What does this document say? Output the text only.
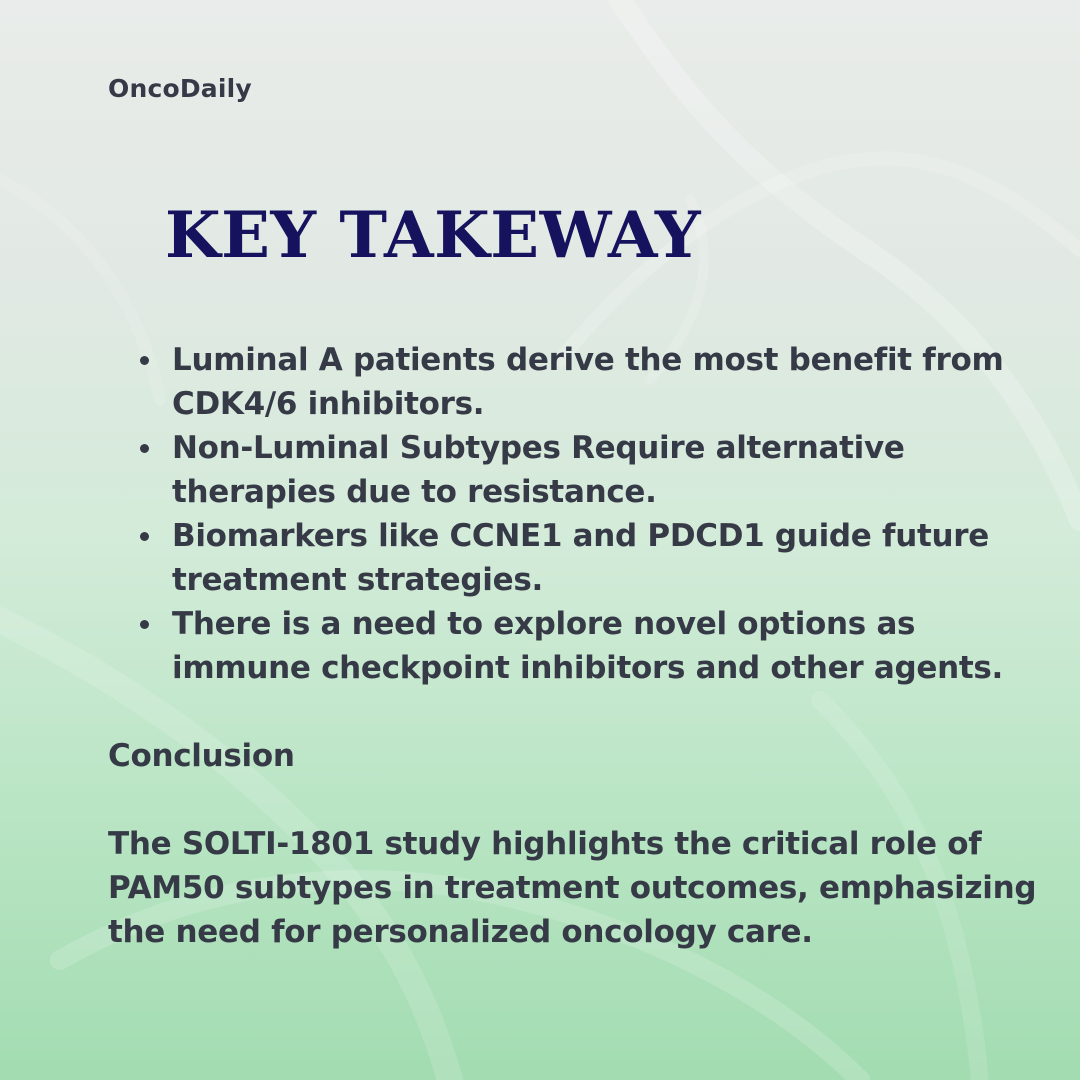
OncoDaily

KEY TAKEWAY
Luminal A patients derive the most benefit from CDK4/6 inhibitors.
Non-Luminal Subtypes Require alternative therapies due to resistance.
Biomarkers like CCNE1 and PDCD1 guide future treatment strategies.
There is a need to explore novel options as immune checkpoint inhibitors and other agents.
Conclusion

The SOLTI-1801 study highlights the critical role of PAM50 subtypes in treatment outcomes, emphasizing the need for personalized oncology care.
